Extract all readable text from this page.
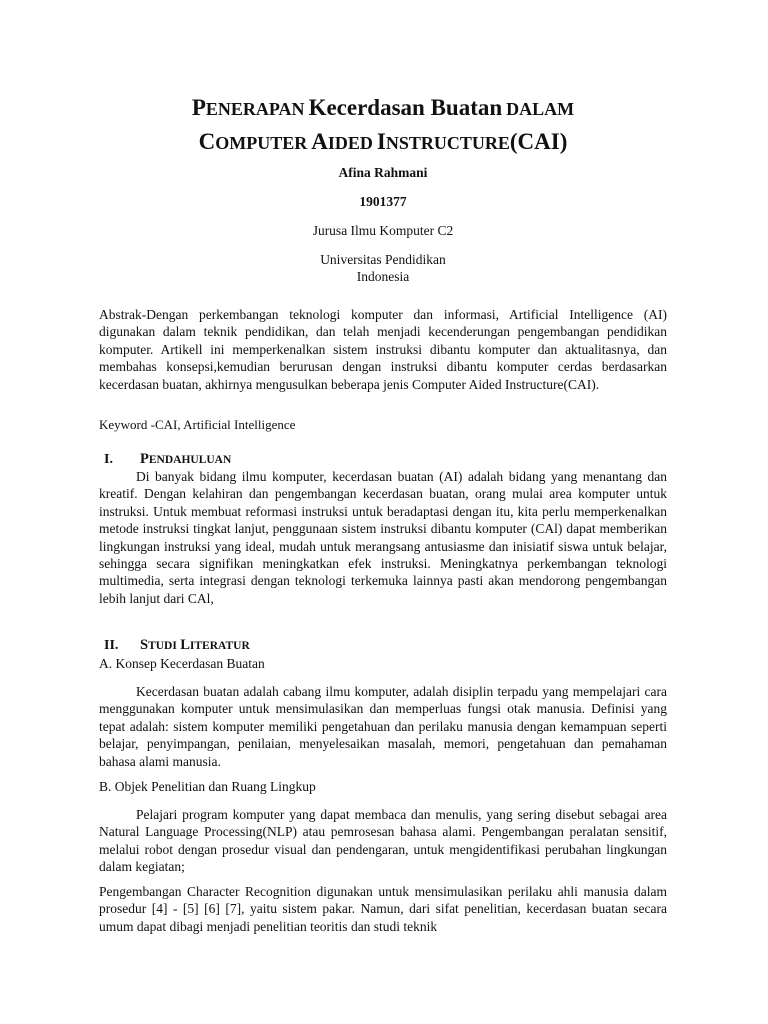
PENERAPAN Kecerdasan Buatan DALAM
COMPUTER AIDED INSTRUCTURE(CAI)
Afina Rahmani
1901377
Jurusa Ilmu Komputer C2
Universitas Pendidikan
Indonesia

Abstrak-Dengan perkembangan teknologi komputer dan informasi, Artificial Intelligence (AI) digunakan dalam teknik pendidikan, dan telah menjadi kecenderungan pengembangan pendidikan komputer. Artikell ini memperkenalkan sistem instruksi dibantu komputer dan aktualitasnya, dan membahas konsepsi,kemudian berurusan dengan instruksi dibantu komputer cerdas berdasarkan kecerdasan buatan, akhirnya mengusulkan beberapa jenis Computer Aided Instructure(CAI).

Keyword -CAI, Artificial Intelligence
I. PENDAHULUAN

Di banyak bidang ilmu komputer, kecerdasan buatan (AI) adalah bidang yang menantang dan kreatif. Dengan kelahiran dan pengembangan kecerdasan buatan, orang mulai area komputer untuk instruksi. Untuk membuat reformasi instruksi untuk beradaptasi dengan itu, kita perlu memperkenalkan metode instruksi tingkat lanjut, penggunaan sistem instruksi dibantu komputer (CAl) dapat memberikan lingkungan instruksi yang ideal, mudah untuk merangsang antusiasme dan inisiatif siswa untuk belajar, sehingga secara signifikan meningkatkan efek instruksi. Meningkatnya perkembangan teknologi multimedia, serta integrasi dengan teknologi terkemuka lainnya pasti akan mendorong pengembangan lebih lanjut dari CAl,

II. STUDI LITERATUR
A. Konsep Kecerdasan Buatan

Kecerdasan buatan adalah cabang ilmu komputer, adalah disiplin terpadu yang mempelajari cara menggunakan komputer untuk mensimulasikan dan memperluas fungsi otak manusia. Definisi yang tepat adalah: sistem komputer memiliki pengetahuan dan perilaku manusia dengan kemampuan seperti belajar, penyimpangan, penilaian, menyelesaikan masalah, memori, pengetahuan dan pemahaman bahasa alami manusia.

B. Objek Penelitian dan Ruang Lingkup

Pelajari program komputer yang dapat membaca dan menulis, yang sering disebut sebagai area Natural Language Processing(NLP) atau pemrosesan bahasa alami. Pengembangan peralatan sensitif, melalui robot dengan prosedur visual dan pendengaran, untuk mengidentifikasi perubahan lingkungan dalam kegiatan;

Pengembangan Character Recognition digunakan untuk mensimulasikan perilaku ahli manusia dalam prosedur [4] - [5] [6] [7], yaitu sistem pakar. Namun, dari sifat penelitian, kecerdasan buatan secara umum dapat dibagi menjadi penelitian teoritis dan studi teknik
